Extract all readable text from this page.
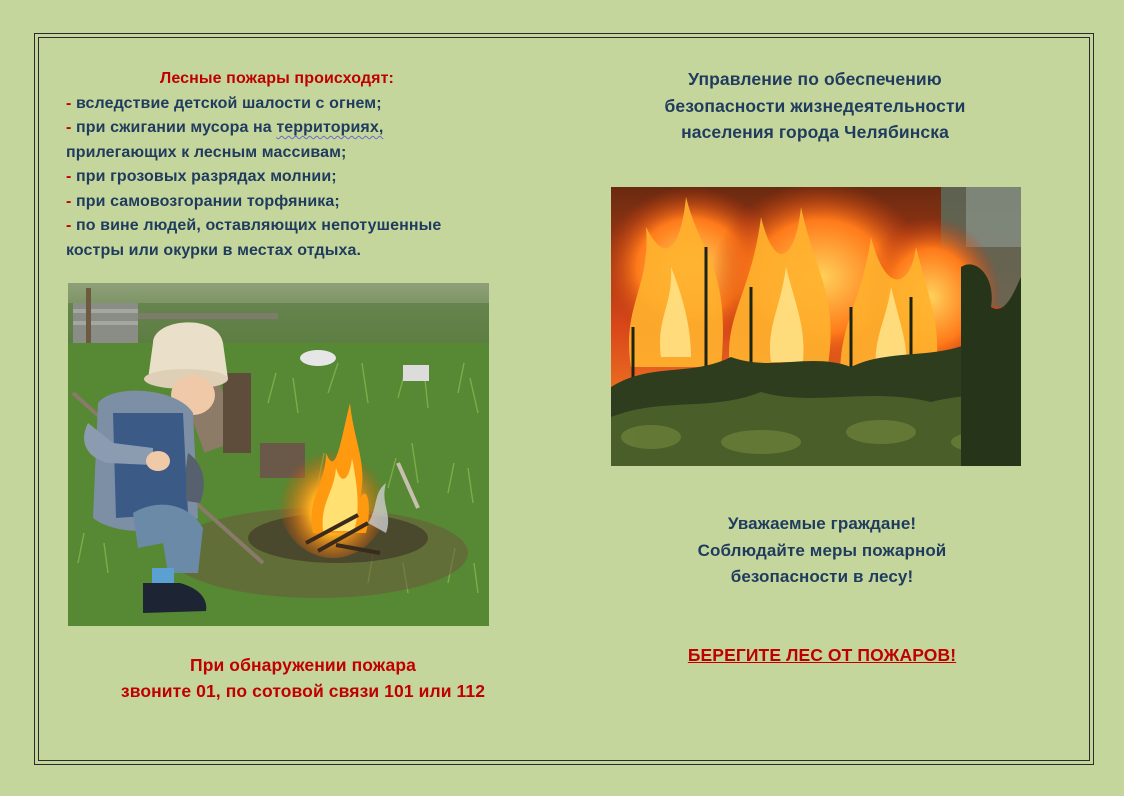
Лесные пожары происходят:
- вследствие детской шалости с огнем;
- при сжигании мусора на территориях,
прилегающих к лесным массивам;
- при грозовых разрядах молнии;
- при самовозгорании торфяника;
- по вине людей, оставляющих непотушенные
костры или окурки в местах отдыха.
Управление по обеспечению
безопасности жизнедеятельности
населения города Челябинска
Уважаемые граждане!
Соблюдайте меры пожарной
безопасности в лесу!
При обнаружении пожара
звоните 01, по сотовой связи 101 или 112
БЕРЕГИТЕ ЛЕС ОТ ПОЖАРОВ!
